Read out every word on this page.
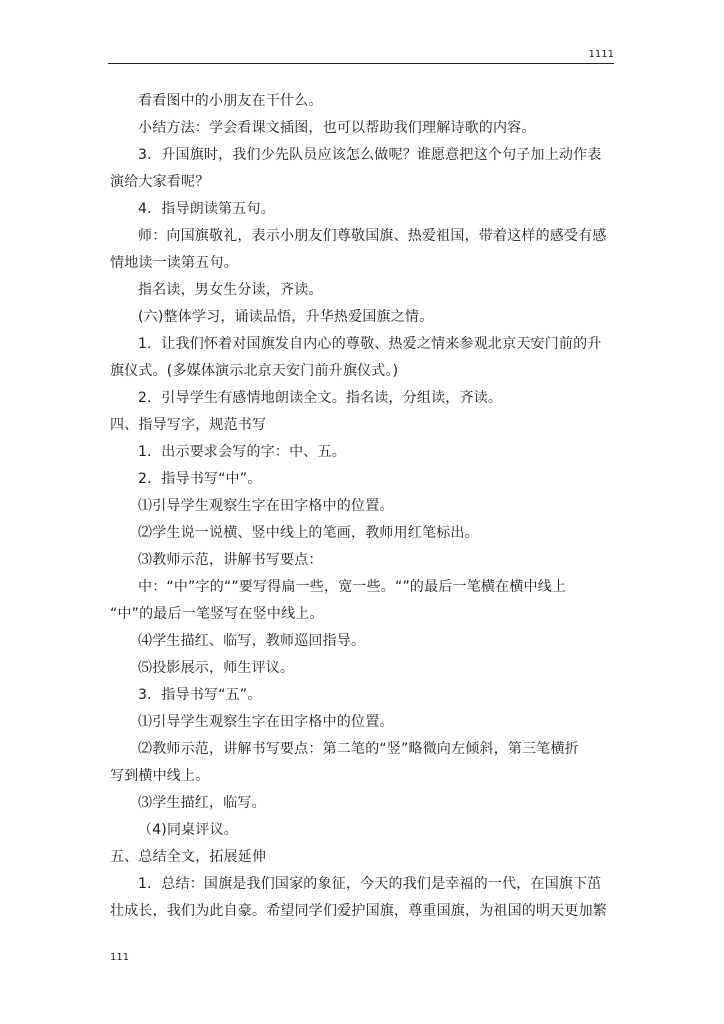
1111
看看图中的小朋友在干什么。
小结方法：学会看课文插图，也可以帮助我们理解诗歌的内容。
3．升国旗时，我们少先队员应该怎么做呢？谁愿意把这个句子加上动作表
演给大家看呢？
4．指导朗读第五句。
师：向国旗敬礼，表示小朋友们尊敬国旗、热爱祖国，带着这样的感受有感
情地读一读第五句。
指名读，男女生分读，齐读。
(六)整体学习，诵读品悟，升华热爱国旗之情。
1．让我们怀着对国旗发自内心的尊敬、热爱之情来参观北京天安门前的升
旗仪式。(多媒体演示北京天安门前升旗仪式。)
2．引导学生有感情地朗读全文。指名读，分组读，齐读。
四、指导写字，规范书写
1．出示要求会写的字：中、五。
2．指导书写“中”。
⑴引导学生观察生字在田字格中的位置。
⑵学生说一说横、竖中线上的笔画，教师用红笔标出。
⑶教师示范，讲解书写要点：
中：“中”字的“”要写得扁一些，宽一些。“”的最后一笔横在横中线上
“中”的最后一笔竖写在竖中线上。
⑷学生描红、临写，教师巡回指导。
⑸投影展示，师生评议。
3．指导书写“五”。
⑴引导学生观察生字在田字格中的位置。
⑵教师示范，讲解书写要点：第二笔的“竖”略微向左倾斜，第三笔横折
写到横中线上。
⑶学生描红，临写。
（4)同桌评议。
五、总结全文，拓展延伸
1．总结：国旗是我们国家的象征，今天的我们是幸福的一代，在国旗下茁
壮成长，我们为此自豪。希望同学们爱护国旗，尊重国旗，为祖国的明天更加繁
111
